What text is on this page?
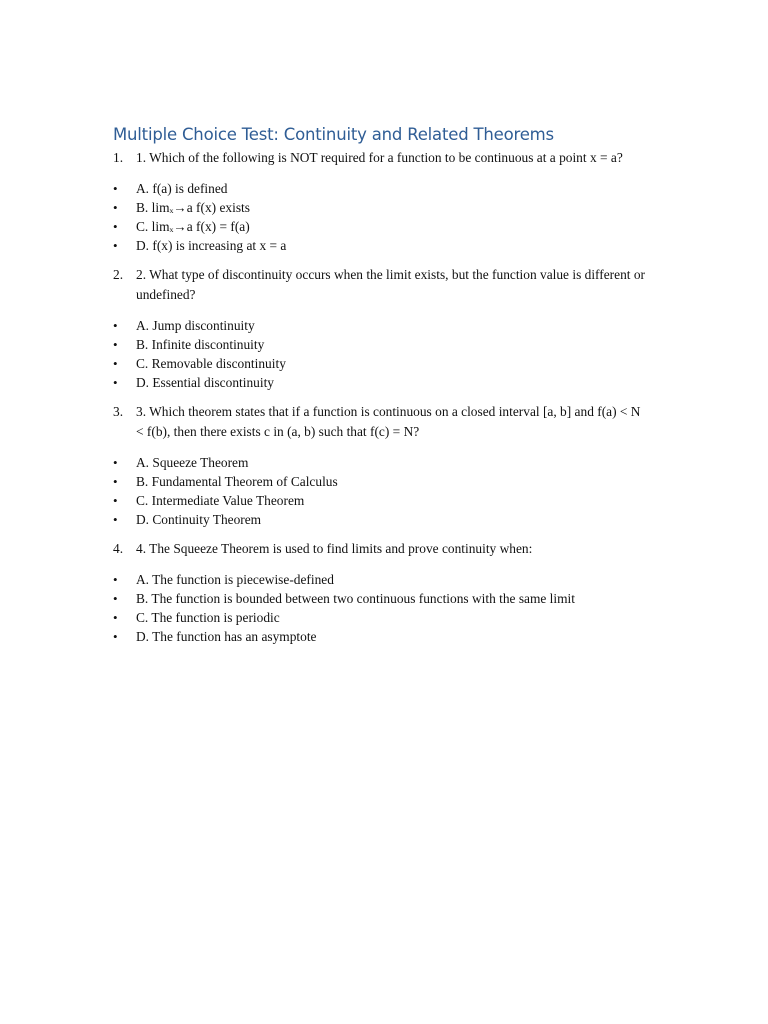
Multiple Choice Test: Continuity and Related Theorems
1. 1. Which of the following is NOT required for a function to be continuous at a point x = a?
• A. f(a) is defined
• B. limₓ→a f(x) exists
• C. limₓ→a f(x) = f(a)
• D. f(x) is increasing at x = a
2. 2. What type of discontinuity occurs when the limit exists, but the function value is different or undefined?
• A. Jump discontinuity
• B. Infinite discontinuity
• C. Removable discontinuity
• D. Essential discontinuity
3. 3. Which theorem states that if a function is continuous on a closed interval [a, b] and f(a) < N < f(b), then there exists c in (a, b) such that f(c) = N?
• A. Squeeze Theorem
• B. Fundamental Theorem of Calculus
• C. Intermediate Value Theorem
• D. Continuity Theorem
4. 4. The Squeeze Theorem is used to find limits and prove continuity when:
• A. The function is piecewise-defined
• B. The function is bounded between two continuous functions with the same limit
• C. The function is periodic
• D. The function has an asymptote
